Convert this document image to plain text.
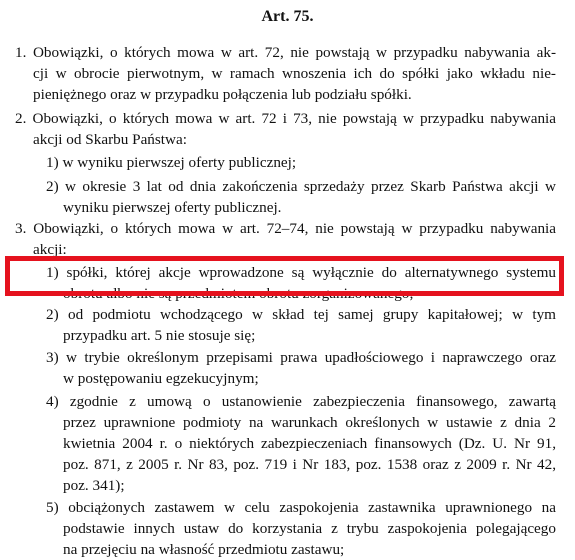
Art. 75.
1. Obowiązki, o których mowa w art. 72, nie powstają w przypadku nabywania ak-
cji w obrocie pierwotnym, w ramach wnoszenia ich do spółki jako wkładu nie-
pieniężnego oraz w przypadku połączenia lub podziału spółki.
2. Obowiązki, o których mowa w art. 72 i 73, nie powstają w przypadku nabywania
akcji od Skarbu Państwa:
1) w wyniku pierwszej oferty publicznej;
2) w okresie 3 lat od dnia zakończenia sprzedaży przez Skarb Państwa akcji w
wyniku pierwszej oferty publicznej.
3. Obowiązki, o których mowa w art. 72–74, nie powstają w przypadku nabywania
akcji:
1) spółki, której akcje wprowadzone są wyłącznie do alternatywnego systemu
obrotu albo nie są przedmiotem obrotu zorganizowanego;
2) od podmiotu wchodzącego w skład tej samej grupy kapitałowej; w tym
przypadku art. 5 nie stosuje się;
3) w trybie określonym przepisami prawa upadłościowego i naprawczego oraz
w postępowaniu egzekucyjnym;
4) zgodnie z umową o ustanowienie zabezpieczenia finansowego, zawartą
przez uprawnione podmioty na warunkach określonych w ustawie z dnia 2
kwietnia 2004 r. o niektórych zabezpieczeniach finansowych (Dz. U. Nr 91,
poz. 871, z 2005 r. Nr 83, poz. 719 i Nr 183, poz. 1538 oraz z 2009 r. Nr 42,
poz. 341);
5) obciążonych zastawem w celu zaspokojenia zastawnika uprawnionego na
podstawie innych ustaw do korzystania z trybu zaspokojenia polegającego
na przejęciu na własność przedmiotu zastawu;
